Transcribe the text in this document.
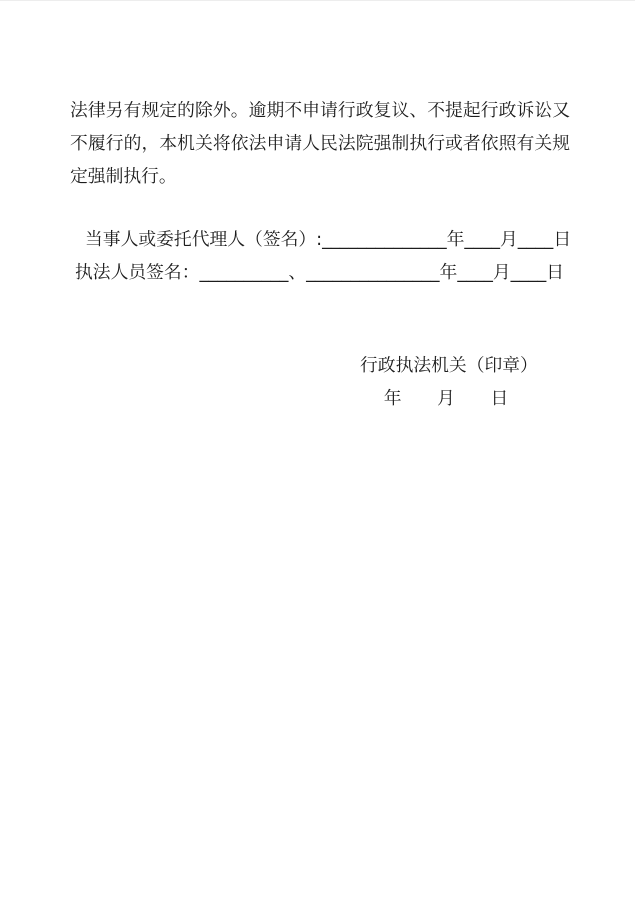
法律另有规定的除外。逾期不申请行政复议、不提起行政诉讼又
不履行的，本机关将依法申请人民法院强制执行或者依照有关规
定强制执行。
当事人或委托代理人（签名）:__________ ____年____月____日
执法人员签名：__________、___________ ____年____月____日
行政执法机关（印章）
年　　月　　日
